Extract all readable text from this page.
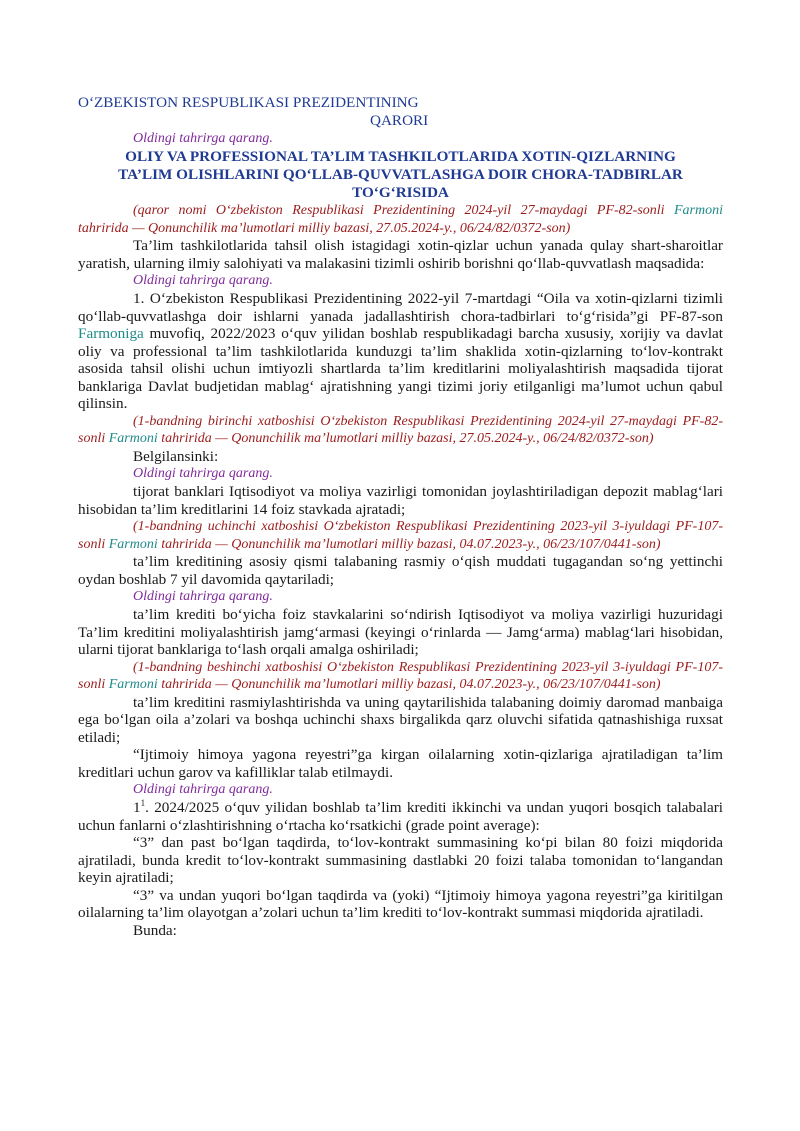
O‘ZBEKISTON RESPUBLIKASI PREZIDENTINING
QARORI
Oldingi tahrirga qarang.
OLIY VA PROFESSIONAL TA’LIM TASHKILOTLARIDA XOTIN-QIZLARNING
TA’LIM OLISHLARINI QO‘LLAB-QUVVATLASHGA DOIR CHORA-TADBIRLAR
TO‘G‘RISIDA
(qaror nomi O‘zbekiston Respublikasi Prezidentining 2024-yil 27-maydagi PF-82-sonli Farmoni tahririda — Qonunchilik ma’lumotlari milliy bazasi, 27.05.2024-y., 06/24/82/0372-son)
Ta’lim tashkilotlarida tahsil olish istagidagi xotin-qizlar uchun yanada qulay shart-sharoitlar yaratish, ularning ilmiy salohiyati va malakasini tizimli oshirib borishni qo‘llab-quvvatlash maqsadida:
Oldingi tahrirga qarang.
1. O‘zbekiston Respublikasi Prezidentining 2022-yil 7-martdagi “Oila va xotin-qizlarni tizimli qo‘llab-quvvatlashga doir ishlarni yanada jadallashtirish chora-tadbirlari to‘g‘risida”gi PF-87-son Farmoniga muvofiq, 2022/2023 o‘quv yilidan boshlab respublikadagi barcha xususiy, xorijiy va davlat oliy va professional ta’lim tashkilotlarida kunduzgi ta’lim shaklida xotin-qizlarning to‘lov-kontrakt asosida tahsil olishi uchun imtiyozli shartlarda ta’lim kreditlarini moliyalashtirish maqsadida tijorat banklariga Davlat budjetidan mablag‘ ajratishning yangi tizimi joriy etilganligi ma’lumot uchun qabul qilinsin.
(1-bandning birinchi xatboshisi O‘zbekiston Respublikasi Prezidentining 2024-yil 27-maydagi PF-82-sonli Farmoni tahririda — Qonunchilik ma’lumotlari milliy bazasi, 27.05.2024-y., 06/24/82/0372-son)
Belgilansinki:
Oldingi tahrirga qarang.
tijorat banklari Iqtisodiyot va moliya vazirligi tomonidan joylashtiriladigan depozit mablag‘lari hisobidan ta’lim kreditlarini 14 foiz stavkada ajratadi;
(1-bandning uchinchi xatboshisi O‘zbekiston Respublikasi Prezidentining 2023-yil 3-iyuldagi PF-107-sonli Farmoni tahririda — Qonunchilik ma’lumotlari milliy bazasi, 04.07.2023-y., 06/23/107/0441-son)
ta’lim kreditining asosiy qismi talabaning rasmiy o‘qish muddati tugagandan so‘ng yettinchi oydan boshlab 7 yil davomida qaytariladi;
Oldingi tahrirga qarang.
ta’lim krediti bo‘yicha foiz stavkalarini so‘ndirish Iqtisodiyot va moliya vazirligi huzuridagi Ta’lim kreditini moliyalashtirish jamg‘armasi (keyingi o‘rinlarda — Jamg‘arma) mablag‘lari hisobidan, ularni tijorat banklariga to‘lash orqali amalga oshiriladi;
(1-bandning beshinchi xatboshisi O‘zbekiston Respublikasi Prezidentining 2023-yil 3-iyuldagi PF-107-sonli Farmoni tahririda — Qonunchilik ma’lumotlari milliy bazasi, 04.07.2023-y., 06/23/107/0441-son)
ta’lim kreditini rasmiylashtirishda va uning qaytarilishida talabaning doimiy daromad manbaiga ega bo‘lgan oila a’zolari va boshqa uchinchi shaxs birgalikda qarz oluvchi sifatida qatnashishiga ruxsat etiladi;
“Ijtimoiy himoya yagona reyestri”ga kirgan oilalarning xotin-qizlariga ajratiladigan ta’lim kreditlari uchun garov va kafilliklar talab etilmaydi.
Oldingi tahrirga qarang.
$1^1$. 2024/2025 o‘quv yilidan boshlab ta’lim krediti ikkinchi va undan yuqori bosqich talabalari uchun fanlarni o‘zlashtirishning o‘rtacha ko‘rsatkichi (grade point average):
“3” dan past bo‘lgan taqdirda, to‘lov-kontrakt summasining ko‘pi bilan 80 foizi miqdorida ajratiladi, bunda kredit to‘lov-kontrakt summasining dastlabki 20 foizi talaba tomonidan to‘langandan keyin ajratiladi;
“3” va undan yuqori bo‘lgan taqdirda va (yoki) “Ijtimoiy himoya yagona reyestri”ga kiritilgan oilalarning ta’lim olayotgan a’zolari uchun ta’lim krediti to‘lov-kontrakt summasi miqdorida ajratiladi.
Bunda:
